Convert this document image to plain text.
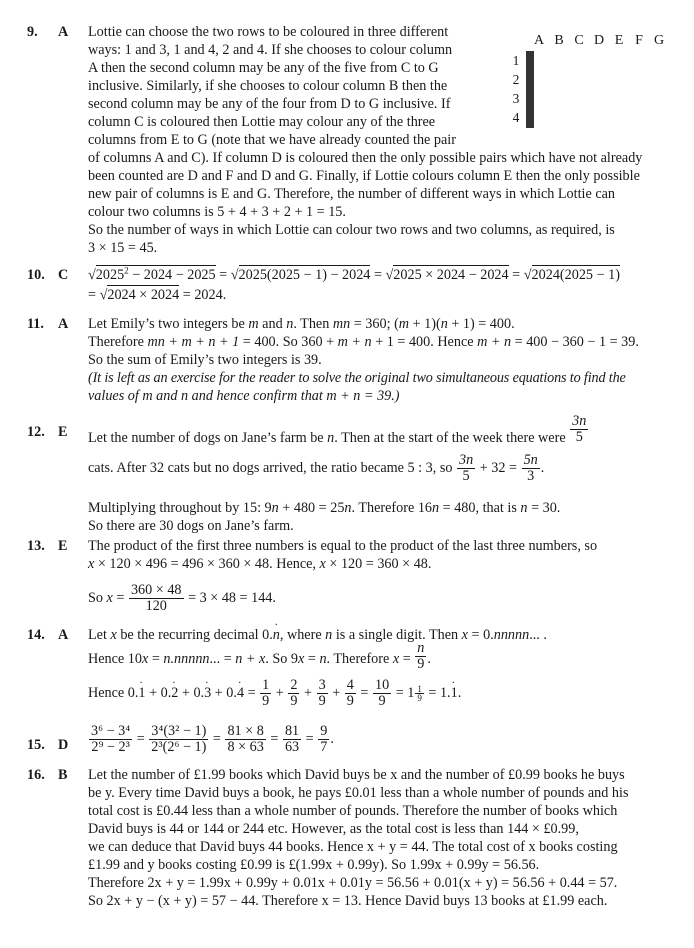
9. A Lottie can choose the two rows to be coloured in three different
ways: 1 and 3, 1 and 4, 2 and 4. If she chooses to colour column
A then the second column may be any of the five from C to G
inclusive. Similarly, if she chooses to colour column B then the
second column may be any of the four from D to G inclusive. If
column C is coloured then Lottie may colour any of the three
columns from E to G (note that we have already counted the pair
of columns A and C). If column D is coloured then the only possible pairs which have not already
been counted are D and F and D and G. Finally, if Lottie colours column E then the only possible
new pair of columns is E and G. Therefore, the number of different ways in which Lottie can
colour two columns is 5 + 4 + 3 + 2 + 1 = 15.
So the number of ways in which Lottie can colour two rows and two columns, as required, is
3 × 15 = 45.
A B C D E F G
1
2
3
4

10. C $√2025^2 - 2024 - 2025 = √2025(2025 - 1) - 2024 = √2025 \times 2024 - 2024 = √2024(2025 - 1)$
= √2024 × 2024 = 2024.
11. A Let Emily’s two integers be m and n. Then mn = 360; (m + 1)(n + 1) = 400.
Therefore mn + m + n + 1 = 400. So 360 + m + n + 1 = 400. Hence m + n = 400 − 360 − 1 = 39.
So the sum of Emily’s two integers is 39.
(It is left as an exercise for the reader to solve the original two simultaneous equations to find the
values of m and n and hence confirm that m + n = 39.)
12. E Let the number of dogs on Jane’s farm be n. Then at the start of the week there were $\frac{3n}{5}$
cats. After 32 cats but no dogs arrived, the ratio became 5 : 3, so $\frac{3n}{5} + 32 = \frac{5n}{3}$ .
Multiplying throughout by 15: 9n + 480 = 25n. Therefore 16n = 480, that is n = 30.
So there are 30 dogs on Jane’s farm.
13. E The product of the first three numbers is equal to the product of the last three numbers, so
x × 120 × 496 = 496 × 360 × 48. Hence, x × 120 = 360 × 48.
So $x = \frac{360 \times 48}{120} = 3 \times 48 = 144$.
14. A Let x be the recurring decimal 0.n ˙, where n is a single digit. Then x = 0.nnnnn... .
Hence 10x = n.nnnnn... = n + x. So 9x = n. Therefore $x = \frac{n}{9}$ .
Hence 0.1 ˙ + 0.2 ˙ + 0.3 ˙ + 0.4 ˙ = $\frac{1}{9} + \frac{2}{9} + \frac{3}{9} + \frac{4}{9} = \frac{10}{9} = 1 \frac{1}{9} = 1.1$ ˙.
15. D $\frac{\text{3⁶ − 3⁴}}{\text{2⁹ − 2³}} = \frac{\text{3⁴(3² − 1)}}{\text{2³(2⁶ − 1)}} = \frac{81 \times 8}{8 \times 63} = \frac{81}{63} = \frac{9}{7}$ .
16. B Let the number of £1.99 books which David buys be x and the number of £0.99 books he buys
be y. Every time David buys a book, he pays £0.01 less than a whole number of pounds and his
total cost is £0.44 less than a whole number of pounds. Therefore the number of books which
David buys is 44 or 144 or 244 etc. However, as the total cost is less than 144 × £0.99,
we can deduce that David buys 44 books. Hence x + y = 44. The total cost of x books costing
£1.99 and y books costing £0.99 is £(1.99x + 0.99y). So 1.99x + 0.99y = 56.56.
Therefore 2x + y = 1.99x + 0.99y + 0.01x + 0.01y = 56.56 + 0.01(x + y) = 56.56 + 0.44 = 57.
So 2x + y − (x + y) = 57 − 44. Therefore x = 13. Hence David buys 13 books at £1.99 each.
